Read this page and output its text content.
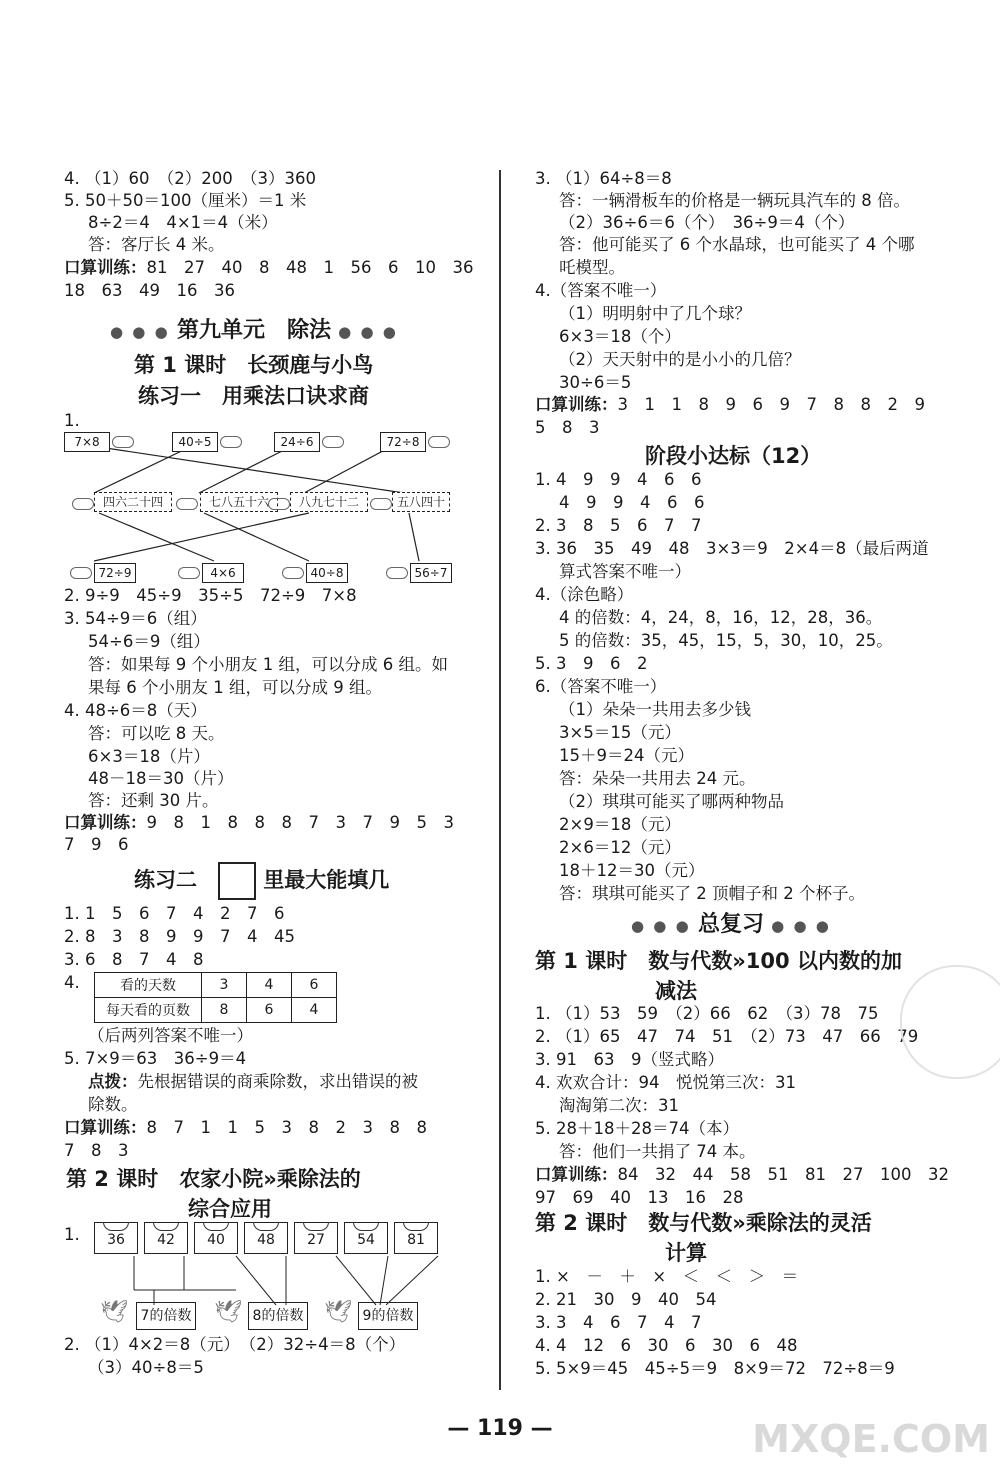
4. （1）60　（2）200　（3）360
5. 50＋50＝100（厘米）＝1 米
8÷2＝4　4×1＝4（米）
答：客厅长 4 米。
口算训练：81　27　40　8　48　1　56　6　10　36
18　63　49　16　36
● ● ● 第九单元　除法 ● ● ●
第 1 课时　长颈鹿与小鸟
练习一　用乘法口诀求商
1.
7×8	40÷5	24÷6	72÷8
四六二十四	七八五十六	八九七十二	五八四十
72÷9	4×6	40÷8	56÷7
2. 9÷9　45÷9　35÷5　72÷9　7×8
3. 54÷9＝6（组）
54÷6＝9（组）
答：如果每 9 个小朋友 1 组，可以分成 6 组。如
果每 6 个小朋友 1 组，可以分成 9 组。
4. 48÷6＝8（天）
答：可以吃 8 天。
6×3＝18（片）
48－18＝30（片）
答：还剩 30 片。
口算训练：9　8　1　8　8　8　7　3　7　9　5　3
7　9　6
练习二　	里最大能填几
1. 1　5　6　7　4　2　7　6
2. 8　3　8　9　9　7　4　45
3. 6　8　7　4　8
4.	看的天数	3	4	6
每天看的页数	8	6	4
（后两列答案不唯一）
5. 7×9＝63　36÷9＝4
点拨：先根据错误的商乘除数，求出错误的被
除数。
口算训练：8　7　1　1　5　3　8　2　3　8　8
7　8　3
第 2 课时　农家小院»乘除法的
综合应用
1.	36	42	40	48	27	54	81
7的倍数	8的倍数	9的倍数
🕊	🕊	🕊
2. （1）4×2＝8（元）　（2）32÷4＝8（个）
（3）40÷8＝5
3. （1）64÷8＝8
答：一辆滑板车的价格是一辆玩具汽车的 8 倍。
（2）36÷6＝6（个）　36÷9＝4（个）
答：他可能买了 6 个水晶球，也可能买了 4 个哪
吒模型。
4.（答案不唯一）
（1）明明射中了几个球？
6×3＝18（个）
（2）天天射中的是小小的几倍？
30÷6＝5
口算训练：3　1　1　8　9　6　9　7　8　8　2　9
5　8　3
阶段小达标（12）
1. 4　9　9　4　6　6
4　9　9　4　6　6
2. 3　8　5　6　7　7
3. 36　35　49　48　3×3＝9　2×4＝8（最后两道
算式答案不唯一）
4.（涂色略）
4 的倍数：4，24，8，16，12，28，36。
5 的倍数：35，45，15，5，30，10，25。
5. 3　9　6　2
6.（答案不唯一）
（1）朵朵一共用去多少钱
3×5＝15（元）
15＋9＝24（元）
答：朵朵一共用去 24 元。
（2）琪琪可能买了哪两种物品
2×9＝18（元）
2×6＝12（元）
18＋12＝30（元）
答：琪琪可能买了 2 顶帽子和 2 个杯子。
● ● ● 总复习 ● ● ●
第 1 课时　数与代数»100 以内数的加
减法
1. （1）53　59　（2）66　62　（3）78　75
2. （1）65　47　74　51　（2）73　47　66　79
3. 91　63　9（竖式略）
4. 欢欢合计：94　悦悦第三次：31
淘淘第二次：31
5. 28＋18＋28＝74（本）
答：他们一共捐了 74 本。
口算训练：84　32　44　58　51　81　27　100　32
97　69　40　13　16　28
第 2 课时　数与代数»乘除法的灵活
计算
1. ×　－　＋　×　＜　＜　＞　＝
2. 21　30　9　40　54
3. 3　4　6　7　4　7
4. 4　12　6　30　6　30　6　48
5. 5×9＝45　45÷5＝9　8×9＝72　72÷8＝9
— 119 —	MXQE.COM
